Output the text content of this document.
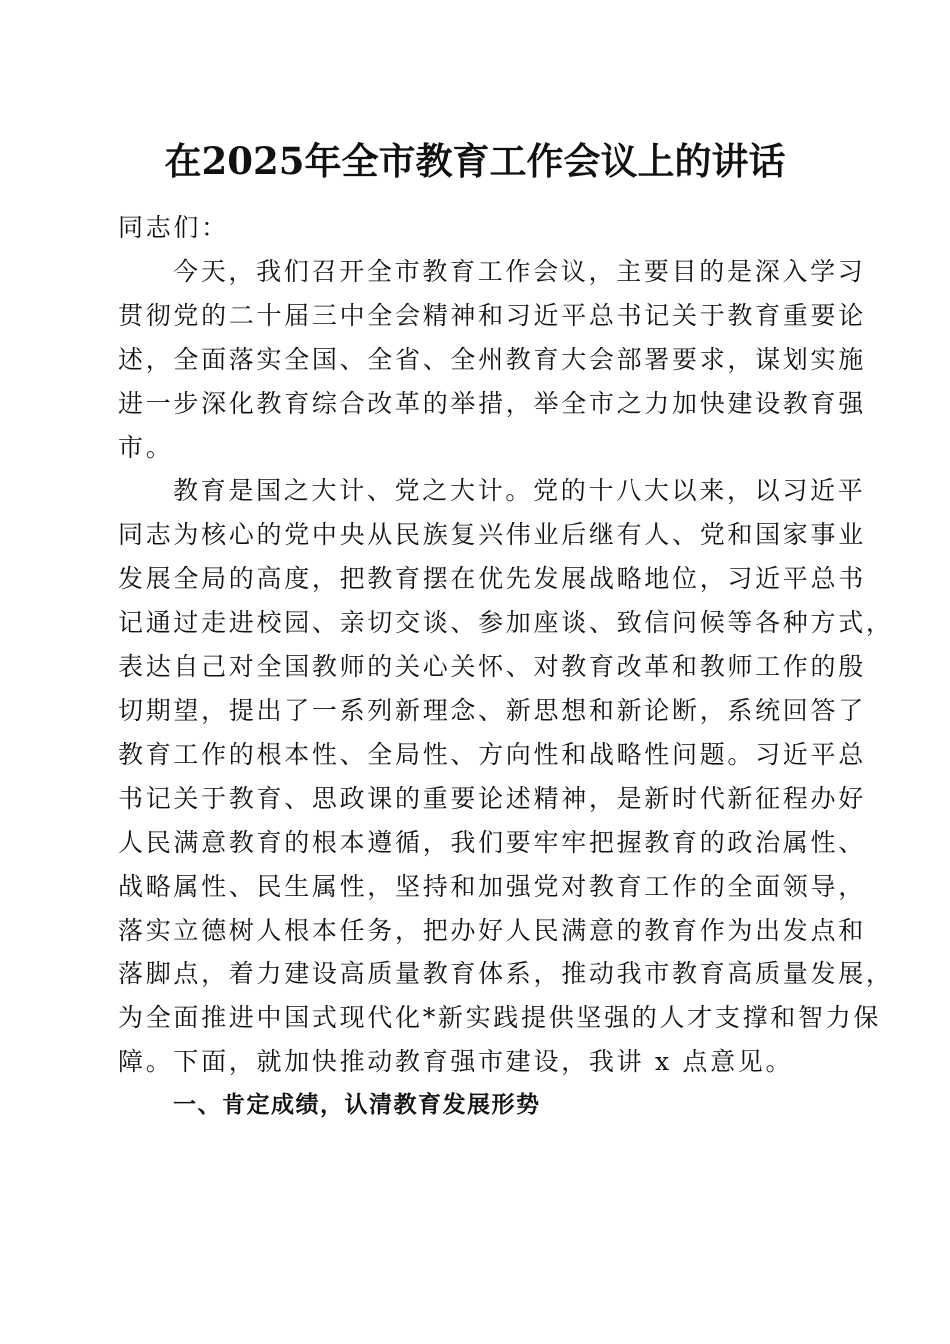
在2025年全市教育工作会议上的讲话

同志们：

今天，我们召开全市教育工作会议，主要目的是深入学习

贯彻党的二十届三中全会精神和习近平总书记关于教育重要论

述，全面落实全国、全省、全州教育大会部署要求，谋划实施

进一步深化教育综合改革的举措，举全市之力加快建设教育强

市。

教育是国之大计、党之大计。党的十八大以来，以习近平

同志为核心的党中央从民族复兴伟业后继有人、党和国家事业

发展全局的高度，把教育摆在优先发展战略地位，习近平总书

记通过走进校园、亲切交谈、参加座谈、致信问候等各种方式，

表达自己对全国教师的关心关怀、对教育改革和教师工作的殷

切期望，提出了一系列新理念、新思想和新论断，系统回答了

教育工作的根本性、全局性、方向性和战略性问题。习近平总

书记关于教育、思政课的重要论述精神，是新时代新征程办好

人民满意教育的根本遵循，我们要牢牢把握教育的政治属性、

战略属性、民生属性，坚持和加强党对教育工作的全面领导，

落实立德树人根本任务，把办好人民满意的教育作为出发点和

落脚点，着力建设高质量教育体系，推动我市教育高质量发展，

为全面推进中国式现代化*新实践提供坚强的人才支撑和智力保

障。下面，就加快推动教育强市建设，我讲 x 点意见。

一、肯定成绩，认清教育发展形势
